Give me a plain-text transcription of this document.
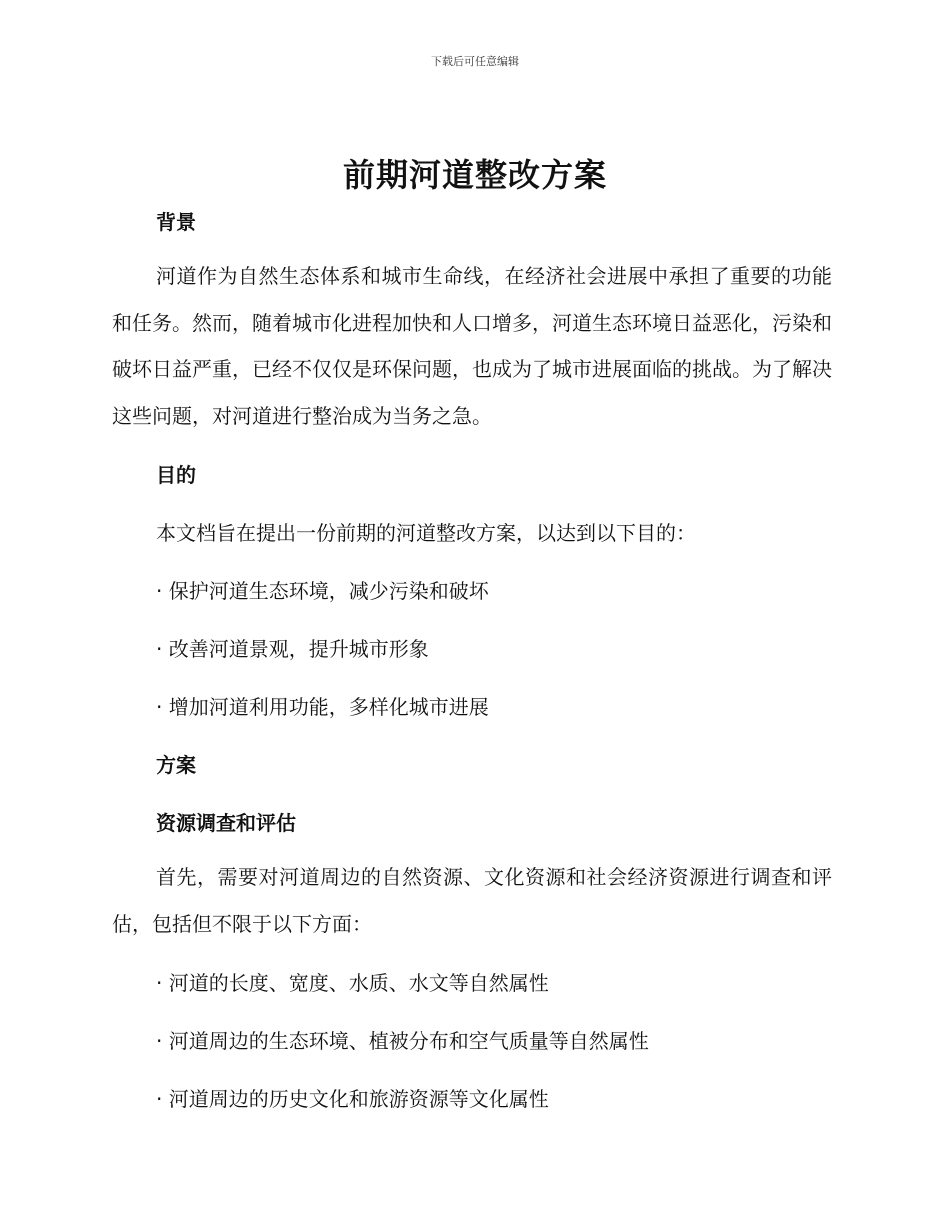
下载后可任意编辑
前期河道整改方案
背景

河道作为自然生态体系和城市生命线，在经济社会进展中承担了重要的功能和任务。然而，随着城市化进程加快和人口增多，河道生态环境日益恶化，污染和破坏日益严重，已经不仅仅是环保问题，也成为了城市进展面临的挑战。为了解决这些问题，对河道进行整治成为当务之急。

目的
本文档旨在提出一份前期的河道整改方案，以达到以下目的：
· 保护河道生态环境，减少污染和破坏
· 改善河道景观，提升城市形象
· 增加河道利用功能，多样化城市进展
方案
资源调查和评估

首先，需要对河道周边的自然资源、文化资源和社会经济资源进行调查和评估，包括但不限于以下方面：

· 河道的长度、宽度、水质、水文等自然属性
· 河道周边的生态环境、植被分布和空气质量等自然属性
· 河道周边的历史文化和旅游资源等文化属性
